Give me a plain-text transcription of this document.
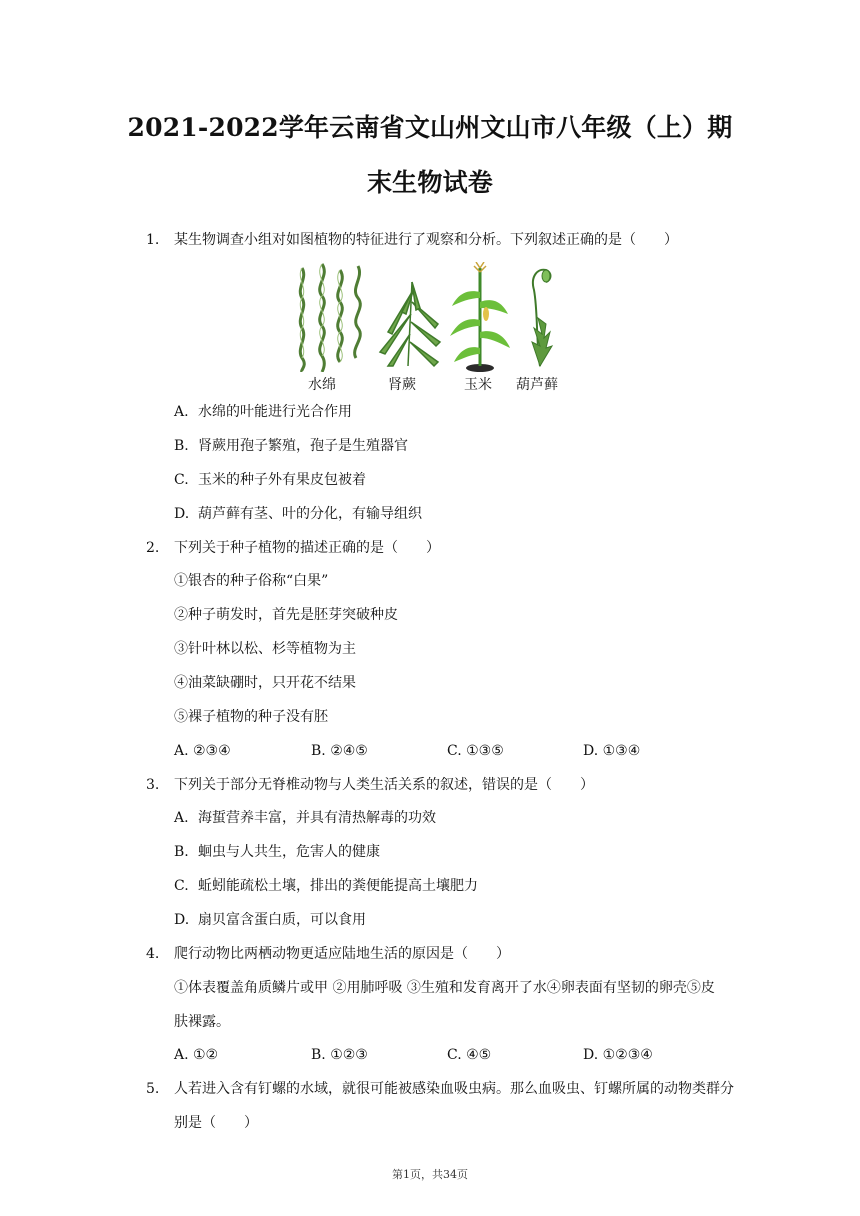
2021-2022学年云南省文山州文山市八年级（上）期末生物试卷
1. 某生物调查小组对如图植物的特征进行了观察和分析。下列叙述正确的是（　　）
水绵	肾蕨	玉米 葫芦藓
A. 水绵的叶能进行光合作用
B. 肾蕨用孢子繁殖，孢子是生殖器官
C. 玉米的种子外有果皮包被着
D. 葫芦藓有茎、叶的分化，有输导组织
2. 下列关于种子植物的描述正确的是（　　）
①银杏的种子俗称“白果”
②种子萌发时，首先是胚芽突破种皮
③针叶林以松、杉等植物为主
④油菜缺硼时，只开花不结果
⑤裸子植物的种子没有胚
A. ②③④	B. ②④⑤	C. ①③⑤	D. ①③④
3. 下列关于部分无脊椎动物与人类生活关系的叙述，错误的是（　　）
A. 海蜇营养丰富，并具有清热解毒的功效
B. 蛔虫与人共生，危害人的健康
C. 蚯蚓能疏松土壤，排出的粪便能提高土壤肥力
D. 扇贝富含蛋白质，可以食用
4. 爬行动物比两栖动物更适应陆地生活的原因是（　　）
①体表覆盖角质鳞片或甲 ②用肺呼吸 ③生殖和发育离开了水④卵表面有坚韧的卵壳⑤皮肤裸露。
A. ①②	B. ①②③	C. ④⑤	D. ①②③④
5. 人若进入含有钉螺的水域，就很可能被感染血吸虫病。那么血吸虫、钉螺所属的动物类群分别是（　　）
第1页，共34页
